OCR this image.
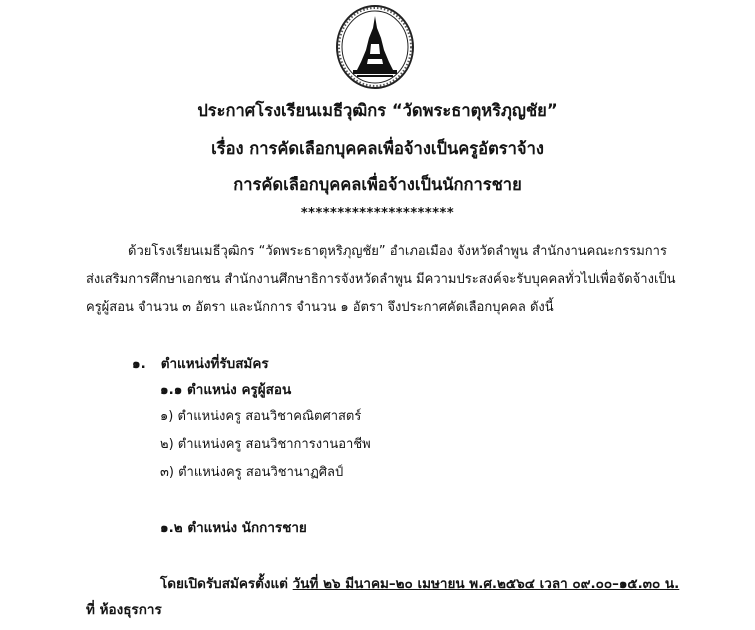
ประกาศโรงเรียนเมธีวุฒิกร “วัดพระธาตุหริภุญชัย”
เรื่อง การคัดเลือกบุคคลเพื่อจ้างเป็นครูอัตราจ้าง
การคัดเลือกบุคคลเพื่อจ้างเป็นนักการชาย
*********************
ด้วยโรงเรียนเมธีวุฒิกร “วัดพระธาตุหริภุญชัย” อำเภอเมือง จังหวัดลำพูน สำนักงานคณะกรรมการ
ส่งเสริมการศึกษาเอกชน สำนักงานศึกษาธิการจังหวัดลำพูน มีความประสงค์จะรับบุคคลทั่วไปเพื่อจัดจ้างเป็น
ครูผู้สอน จำนวน ๓ อัตรา และนักการ จำนวน ๑ อัตรา จึงประกาศคัดเลือกบุคคล ดังนี้
๑. ตำแหน่งที่รับสมัคร
๑.๑ ตำแหน่ง ครูผู้สอน
๑) ตำแหน่งครู สอนวิชาคณิตศาสตร์
๒) ตำแหน่งครู สอนวิชาการงานอาชีพ
๓) ตำแหน่งครู สอนวิชานาฏศิลป์
๑.๒ ตำแหน่ง นักการชาย
โดยเปิดรับสมัครตั้งแต่ วันที่ ๒๖ มีนาคม–๒๐ เมษายน พ.ศ.๒๕๖๔ เวลา ๐๙.๐๐–๑๕.๓๐ น.
ที่ ห้องธุรการ
